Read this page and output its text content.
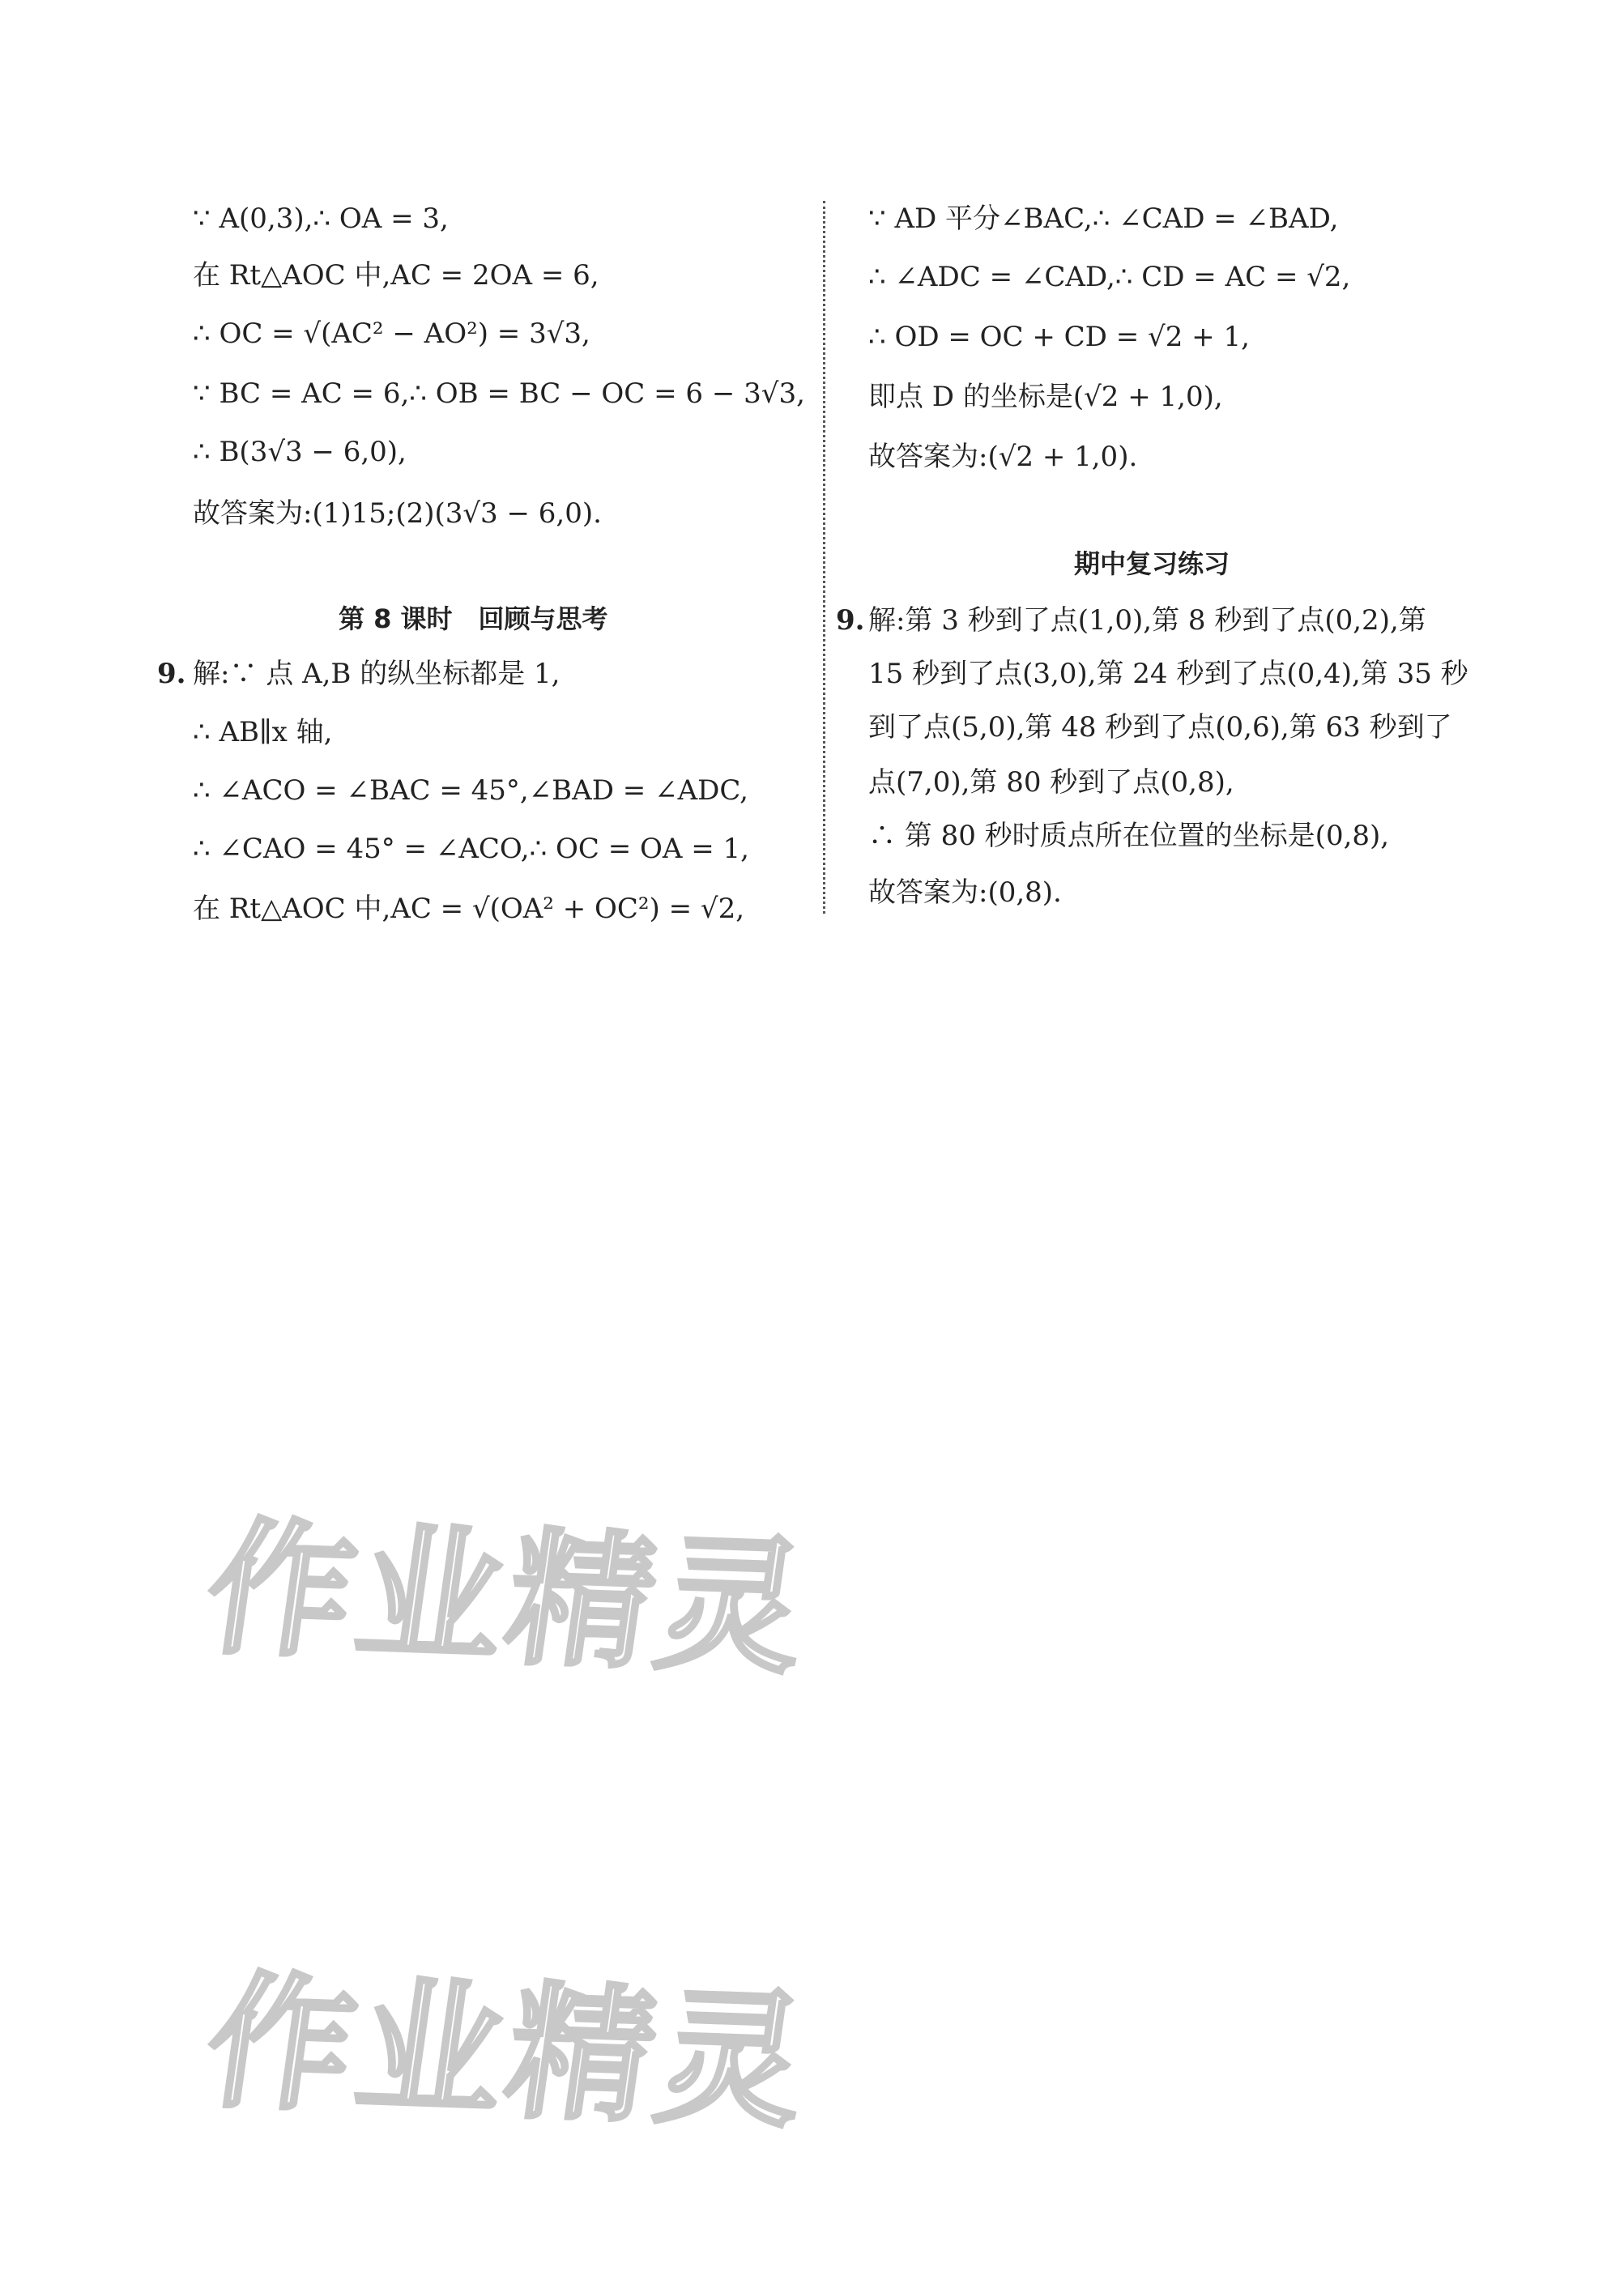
∵ A(0,3),∴ OA = 3,
在 Rt△AOC 中,AC = 2OA = 6,
∴ OC = √(AC² − AO²) = 3√3,
∵ BC = AC = 6,∴ OB = BC − OC = 6 − 3√3,
∴ B(3√3 − 6,0),
故答案为:(1)15;(2)(3√3 − 6,0).
第 8 课时　回顾与思考
9. 解:∵ 点 A,B 的纵坐标都是 1,
∴ AB∥x 轴,
∴ ∠ACO = ∠BAC = 45°,∠BAD = ∠ADC,
∴ ∠CAO = 45° = ∠ACO,∴ OC = OA = 1,
在 Rt△AOC 中,AC = √(OA² + OC²) = √2,
∵ AD 平分∠BAC,∴ ∠CAD = ∠BAD,
∴ ∠ADC = ∠CAD,∴ CD = AC = √2,
∴ OD = OC + CD = √2 + 1,
即点 D 的坐标是(√2 + 1,0),
故答案为:(√2 + 1,0).
期中复习练习
9. 解:第 3 秒到了点(1,0),第 8 秒到了点(0,2),第
15 秒到了点(3,0),第 24 秒到了点(0,4),第 35 秒
到了点(5,0),第 48 秒到了点(0,6),第 63 秒到了
点(7,0),第 80 秒到了点(0,8),
∴ 第 80 秒时质点所在位置的坐标是(0,8),
故答案为:(0,8).
作业精灵
作业精灵
